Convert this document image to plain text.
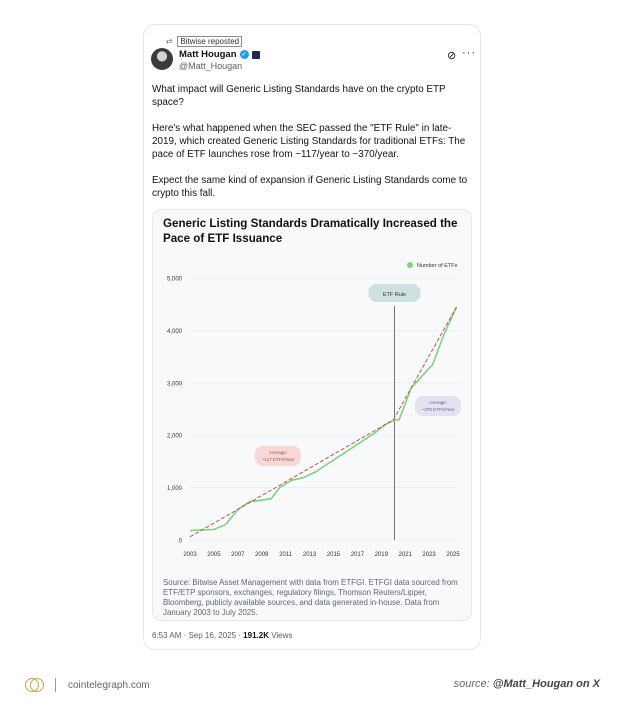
⮂	Bitwise reposted
Matt Hougan ✓
@Matt_Hougan
⊘ ···

What impact will Generic Listing Standards have on the crypto ETP space?

Here's what happened when the SEC passed the "ETF Rule" in late-2019, which created Generic Listing Standards for traditional ETFs: The pace of ETF launches rose from ~117/year to ~370/year.

Expect the same kind of expansion if Generic Listing Standards come to crypto this fall.

Generic Listing Standards Dramatically Increased the Pace of ETF Issuance
0
1,000
2,000
3,000
4,000
5,000
2003 2005 2007 2009 2011 2013 2015 2017 2019 2021 2023 2025
ETF Rule
Average:
~117 ETFs/Year
Average:
~370 ETFs/Year
Number of ETFs
Source: Bitwise Asset Management with data from ETFGI. ETFGI data sourced from ETF/ETP sponsors, exchanges, regulatory filings, Thomson Reuters/Lipper, Bloomberg, publicly available sources, and data generated in-house. Data from January 2003 to July 2025.
6:53 AM · Sep 16, 2025 · 191.2K Views
cointelegraph.com	source: @Matt_Hougan on X
